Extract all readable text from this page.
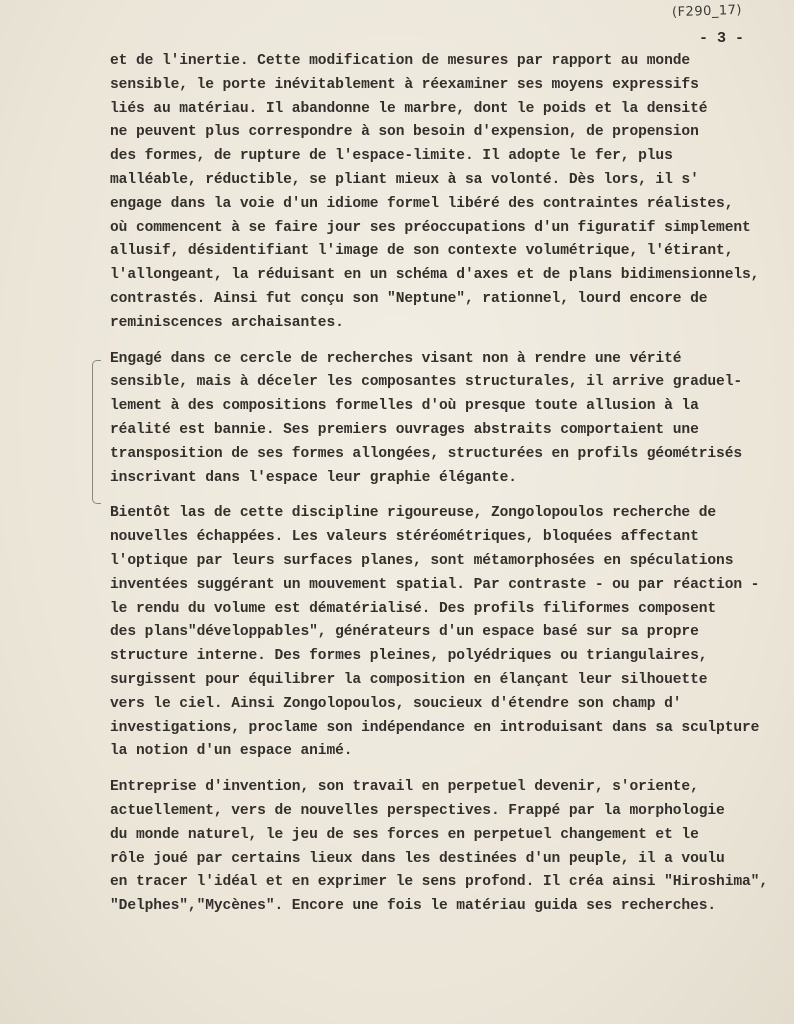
(F290_17)
- 3 -
et de l'inertie. Cette modification de mesures par rapport au monde
sensible, le porte inévitablement à réexaminer ses moyens expressifs
liés au matériau. Il abandonne le marbre, dont le poids et la densité
ne peuvent plus correspondre à son besoin d'expension, de propension
des formes, de rupture de l'espace-limite. Il adopte le fer, plus
malléable, réductible, se pliant mieux à sa volonté. Dès lors, il s'
engage dans la voie d'un idiome formel libéré des contraintes réalistes,
où commencent à se faire jour ses préoccupations d'un figuratif simplement
allusif, désidentifiant l'image de son contexte volumétrique, l'étirant,
l'allongeant, la réduisant en un schéma d'axes et de plans bidimensionnels,
contrastés. Ainsi fut conçu son "Neptune", rationnel, lourd encore de
reminiscences archaisantes.
Engagé dans ce cercle de recherches visant non à rendre une vérité
sensible, mais à déceler les composantes structurales, il arrive graduel-
lement à des compositions formelles d'où presque toute allusion à la
réalité est bannie. Ses premiers ouvrages abstraits comportaient une
transposition de ses formes allongées, structurées en profils géométrisés
inscrivant dans l'espace leur graphie élégante.
Bientôt las de cette discipline rigoureuse, Zongolopoulos recherche de
nouvelles échappées. Les valeurs stéréométriques, bloquées affectant
l'optique par leurs surfaces planes, sont métamorphosées en spéculations
inventées suggérant un mouvement spatial. Par contraste - ou par réaction -
le rendu du volume est dématérialisé. Des profils filiformes composent
des plans"développables", générateurs d'un espace basé sur sa propre
structure interne. Des formes pleines, polyédriques ou triangulaires,
surgissent pour équilibrer la composition en élançant leur silhouette
vers le ciel. Ainsi Zongolopoulos, soucieux d'étendre son champ d'
investigations, proclame son indépendance en introduisant dans sa sculpture
la notion d'un espace animé.
Entreprise d'invention, son travail en perpetuel devenir, s'oriente,
actuellement, vers de nouvelles perspectives. Frappé par la morphologie
du monde naturel, le jeu de ses forces en perpetuel changement et le
rôle joué par certains lieux dans les destinées d'un peuple, il a voulu
en tracer l'idéal et en exprimer le sens profond. Il créa ainsi "Hiroshima",
"Delphes","Mycènes". Encore une fois le matériau guida ses recherches.
